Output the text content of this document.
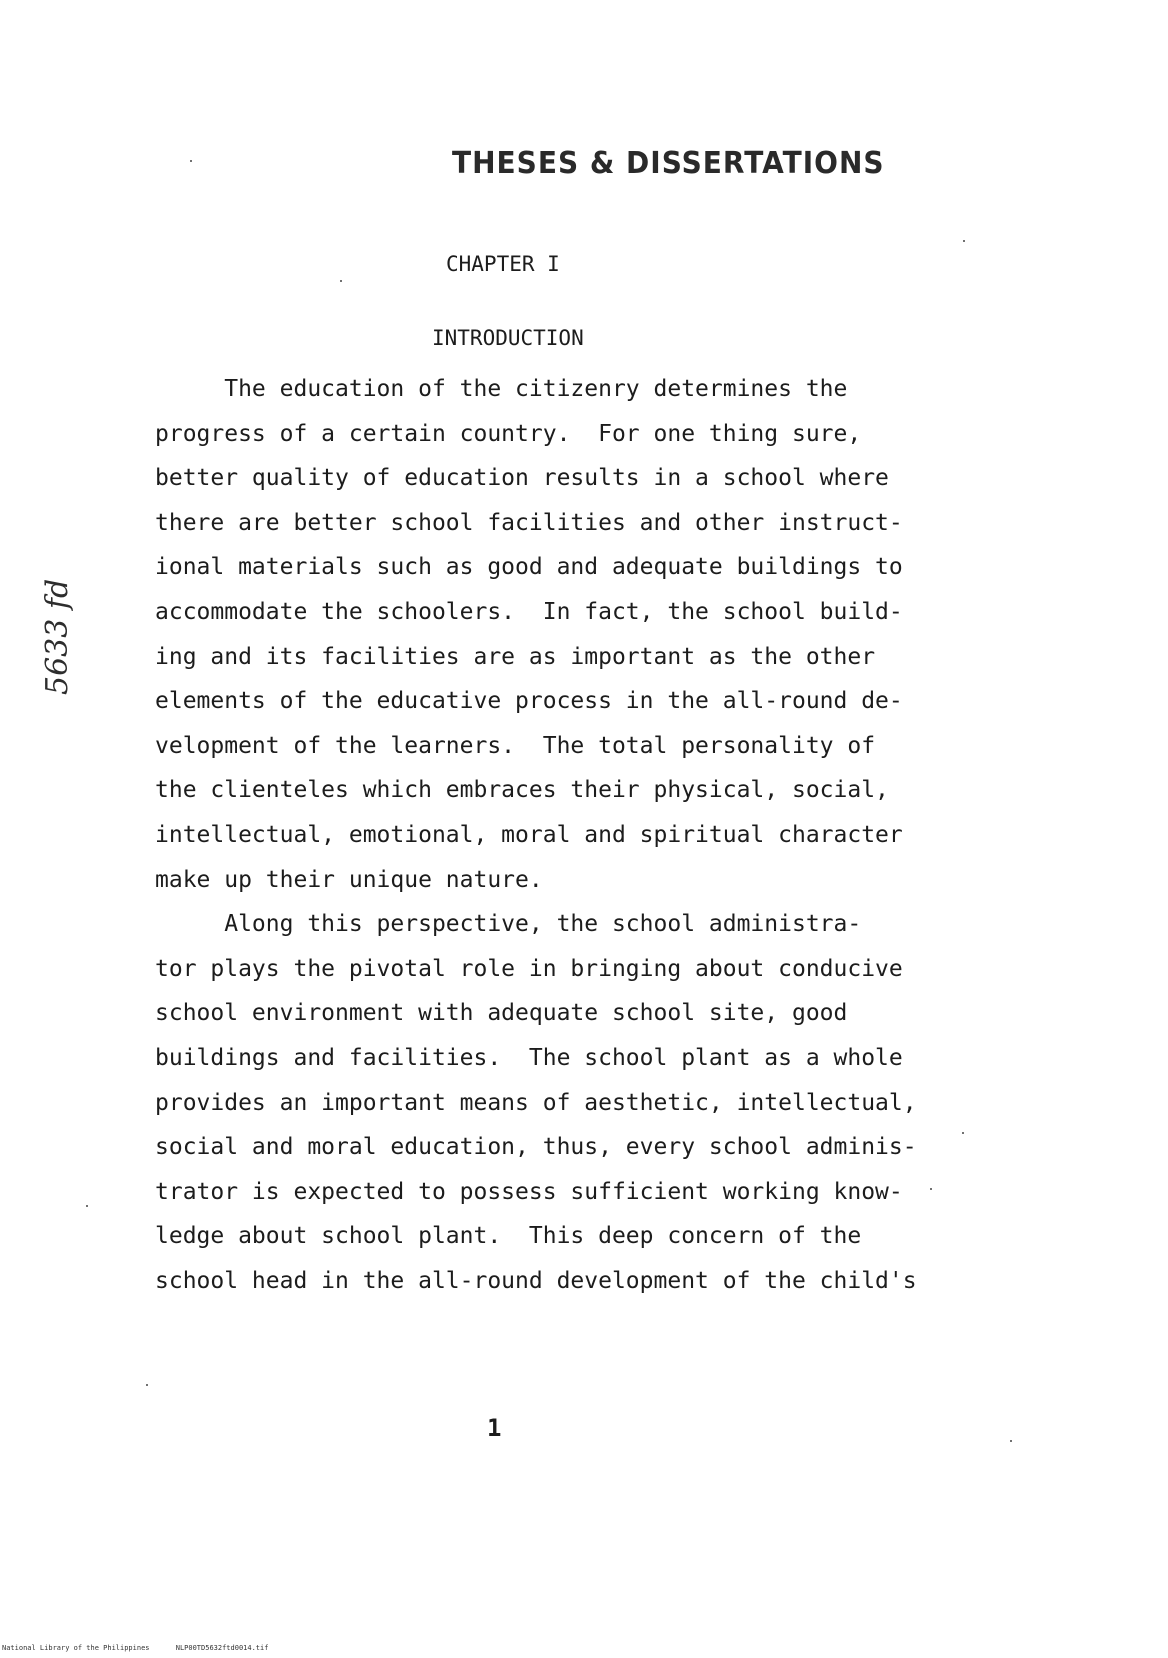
THESES & DISSERTATIONS
CHAPTER I
INTRODUCTION
The education of the citizenry determines the
progress of a certain country.  For one thing sure,
better quality of education results in a school where
there are better school facilities and other instruct-
ional materials such as good and adequate buildings to
accommodate the schoolers.  In fact, the school build-
ing and its facilities are as important as the other
elements of the educative process in the all-round de-
velopment of the learners.  The total personality of
the clienteles which embraces their physical, social,
intellectual, emotional, moral and spiritual character
make up their unique nature.
Along this perspective, the school administra-
tor plays the pivotal role in bringing about conducive
school environment with adequate school site, good
buildings and facilities.  The school plant as a whole
provides an important means of aesthetic, intellectual,
social and moral education, thus, every school adminis-
trator is expected to possess sufficient working know-
ledge about school plant.  This deep concern of the
school head in the all-round development of the child's
1
5633 fd
National Library of the Philippines	NLP00TD5632ftd0014.tif
